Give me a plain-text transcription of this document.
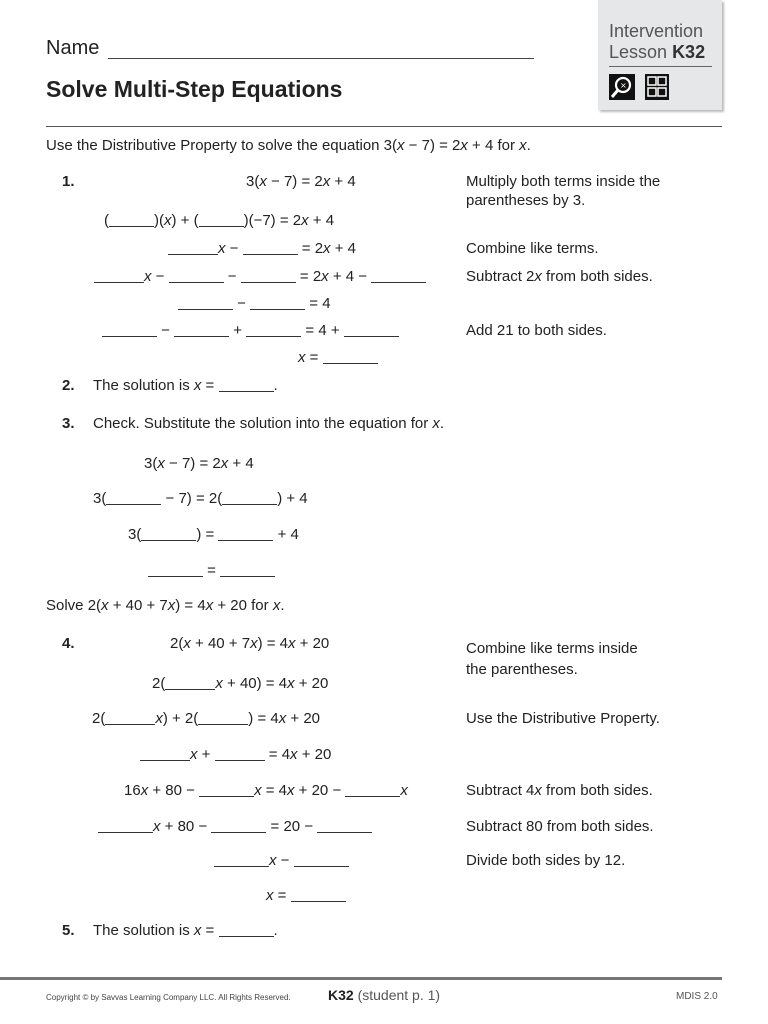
Name
Solve Multi-Step Equations
Intervention
Lesson K32
×
Use the Distributive Property to solve the equation 3(x − 7) = 2x + 4 for x.
1.	3(x − 7) = 2x + 4	Multiply both terms inside the
parentheses by 3.
(	)(x) + (	)(−7) = 2x + 4
x −	= 2x + 4	Combine like terms.
x −	−	= 2x + 4 −	Subtract 2x from both sides.
−	= 4
−	+	= 4 +	Add 21 to both sides.
x =
2. The solution is x =	.
3. Check. Substitute the solution into the equation for x.
3(x − 7) = 2x + 4
3(	− 7) = 2(	) + 4
3(	) =	+ 4
=
Solve 2(x + 40 + 7x) = 4x + 20 for x.
4.	2(x + 40 + 7x) = 4x + 20	Combine like terms inside
the parentheses.
2(	x + 40) = 4x + 20
2(	x) + 2(	) = 4x + 20	Use the Distributive Property.
x +	= 4x + 20
16x + 80 −	x = 4x + 20 −	x	Subtract 4x from both sides.
x + 80 −	= 20 −	Subtract 80 from both sides.
x −	Divide both sides by 12.
x =
5. The solution is x =	.
Copyright © by Savvas Learning Company LLC. All Rights Reserved.	K32 (student p. 1)	MDIS 2.0
